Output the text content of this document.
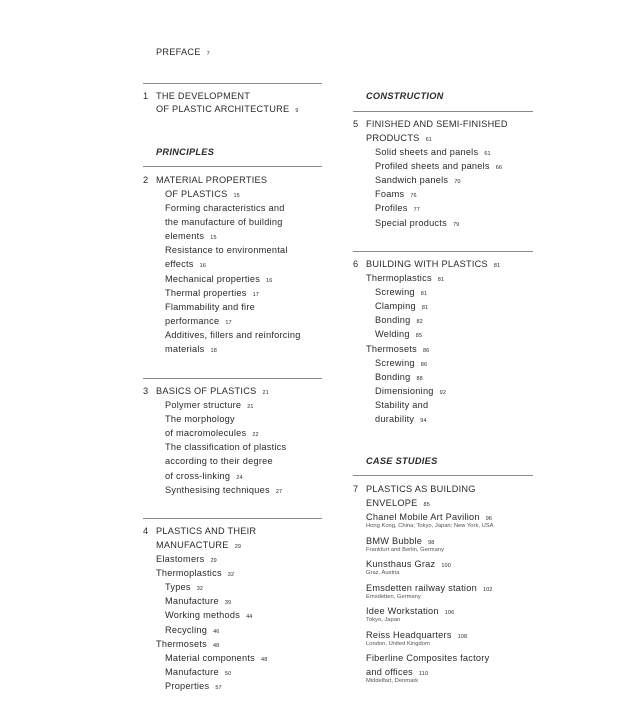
PREFACE 7
1 THE DEVELOPMENT
OF PLASTIC ARCHITECTURE 9
PRINCIPLES
2 MATERIAL PROPERTIES
OF PLASTICS 15
Forming characteristics and
the manufacture of building
elements 15
Resistance to environmental
effects 16
Mechanical properties 16
Thermal properties 17
Flammability and fire
performance 17
Additives, fillers and reinforcing
materials 18
3 BASICS OF PLASTICS 21
Polymer structure 21
The morphology
of macromolecules 22
The classification of plastics
according to their degree
of cross-linking 24
Synthesising techniques 27
4 PLASTICS AND THEIR
MANUFACTURE 29
Elastomers 29
Thermoplastics 32
Types 32
Manufacture 39
Working methods 44
Recycling 46
Thermosets 48
Material components 48
Manufacture 50
Properties 57
CONSTRUCTION
5 FINISHED AND SEMI-FINISHED
PRODUCTS 61
Solid sheets and panels 61
Profiled sheets and panels 66
Sandwich panels 70
Foams 76
Profiles 77
Special products 79
6 BUILDING WITH PLASTICS 81
Thermoplastics 81
Screwing 81
Clamping 81
Bonding 82
Welding 85
Thermosets 86
Screwing 86
Bonding 88
Dimensioning 92
Stability and
durability 94
CASE STUDIES
7 PLASTICS AS BUILDING
ENVELOPE 85
Chanel Mobile Art Pavilion 96
Hong Kong, China; Tokyo, Japan; New York, USA
BMW Bubble 98
Frankfurt and Berlin, Germany
Kunsthaus Graz 100
Graz, Austria
Emsdetten railway station 102
Emsdetten, Germany
Idee Workstation 106
Tokyo, Japan
Reiss Headquarters 108
London, United Kingdom
Fiberline Composites factory
and offices 110
Middelfart, Denmark
